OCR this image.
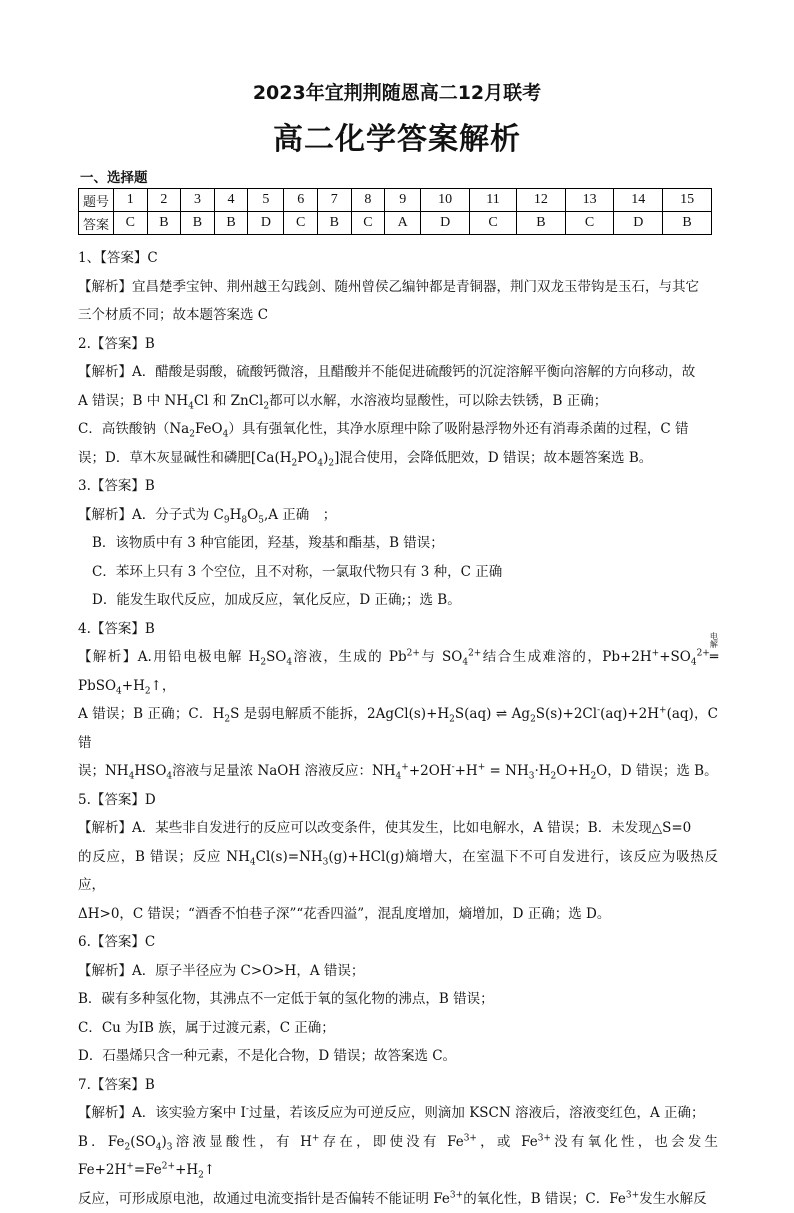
2023年宜荆荆随恩高二12月联考
高二化学答案解析
一、选择题
题号	1	2	3	4	5	6	7	8	9	10	11	12	13	14	15
答案	C	B	B	B	D	C	B	C	A	D	C	B	C	D	B

1、【答案】C

【解析】宜昌楚季宝钟、荆州越王勾践剑、随州曾侯乙编钟都是青铜器，荆门双龙玉带钩是玉石，与其它

三个材质不同；故本题答案选 C

2.【答案】B

【解析】A．醋酸是弱酸，硫酸钙微溶，且醋酸并不能促进硫酸钙的沉淀溶解平衡向溶解的方向移动，故

A 错误；B 中 $NH_4Cl$ 和 ZnCl$_2$都可以水解，水溶液均显酸性，可以除去铁锈，B 正确；

C．高铁酸钠$(Na_2FeO_4)$具有强氧化性，其净水原理中除了吸附悬浮物外还有消毒杀菌的过程，C 错

误；D．草木灰显碱性和磷肥$[Ca(H_2PO_4)_2]$混合使用，会降低肥效，D 错误；故本题答案选 B。

3.【答案】B

【解析】A．分子式为 $C_9H_8O_5,A$ 正确　；

B．该物质中有 3 种官能团，羟基，羧基和酯基，B 错误；

C．苯环上只有 3 个空位，且不对称，一氯取代物只有 3 种，C 正确

D．能发生取代反应，加成反应，氧化反应，D 正确;；选 B。

4.【答案】B

【解析】A.用铅电极电解 $H_2SO_4$溶液，生成的 $Pb^{2+}$与 $SO_4^{2+}$结合生成难溶的，$Pb+2H^++SO_4^{2+}$
电解
$═PbSO_4+H_2↑$，

A 错误；B 正确；C．$H_2S$ 是弱电解质不能拆，$2AgCl(s)+H_2S(aq)$ ⇌ $Ag_2S(s)+2Cl^-(aq)+2H^+(aq)$，C 错

误；$NH_4HSO_4$溶液与足量浓 NaOH 溶液反应：$NH_4^++2OH^-+H^+ = NH_3\cdot H_2O+H_2O$，D 错误；选 B。

5.【答案】D

【解析】A．某些非自发进行的反应可以改变条件，使其发生，比如电解水，A 错误；B．未发现△S=0

的反应，B 错误；反应 $NH_4Cl(s)=NH_3(g)+HCl(g)$熵增大，在室温下不可自发进行，该反应为吸热反应，

ΔH>0，C 错误；“酒香不怕巷子深”“花香四溢”，混乱度增加，熵增加，D 正确；选 D。

6.【答案】C

【解析】A．原子半径应为 C>O>H，A 错误；

B．碳有多种氢化物，其沸点不一定低于氧的氢化物的沸点，B 错误；

C．Cu 为IB 族，属于过渡元素，C 正确；

D．石墨烯只含一种元素，不是化合物，D 错误；故答案选 C。

7.【答案】B

【解析】A．该实验方案中 I-过量，若该反应为可逆反应，则滴加 KSCN 溶液后，溶液变红色，A 正确；

B．$Fe_2(SO_4)_3$溶液显酸性，有 H+存在，即使没有 $Fe^{3+}$，或 $Fe^{3+}$没有氧化性，也会发生 $Fe+2H^+=Fe^{2+}+H_2↑$

反应，可形成原电池，故通过电流变指针是否偏转不能证明 $Fe^{3+}$的氧化性，B 错误；C．$Fe^{3+}$发生水解反
